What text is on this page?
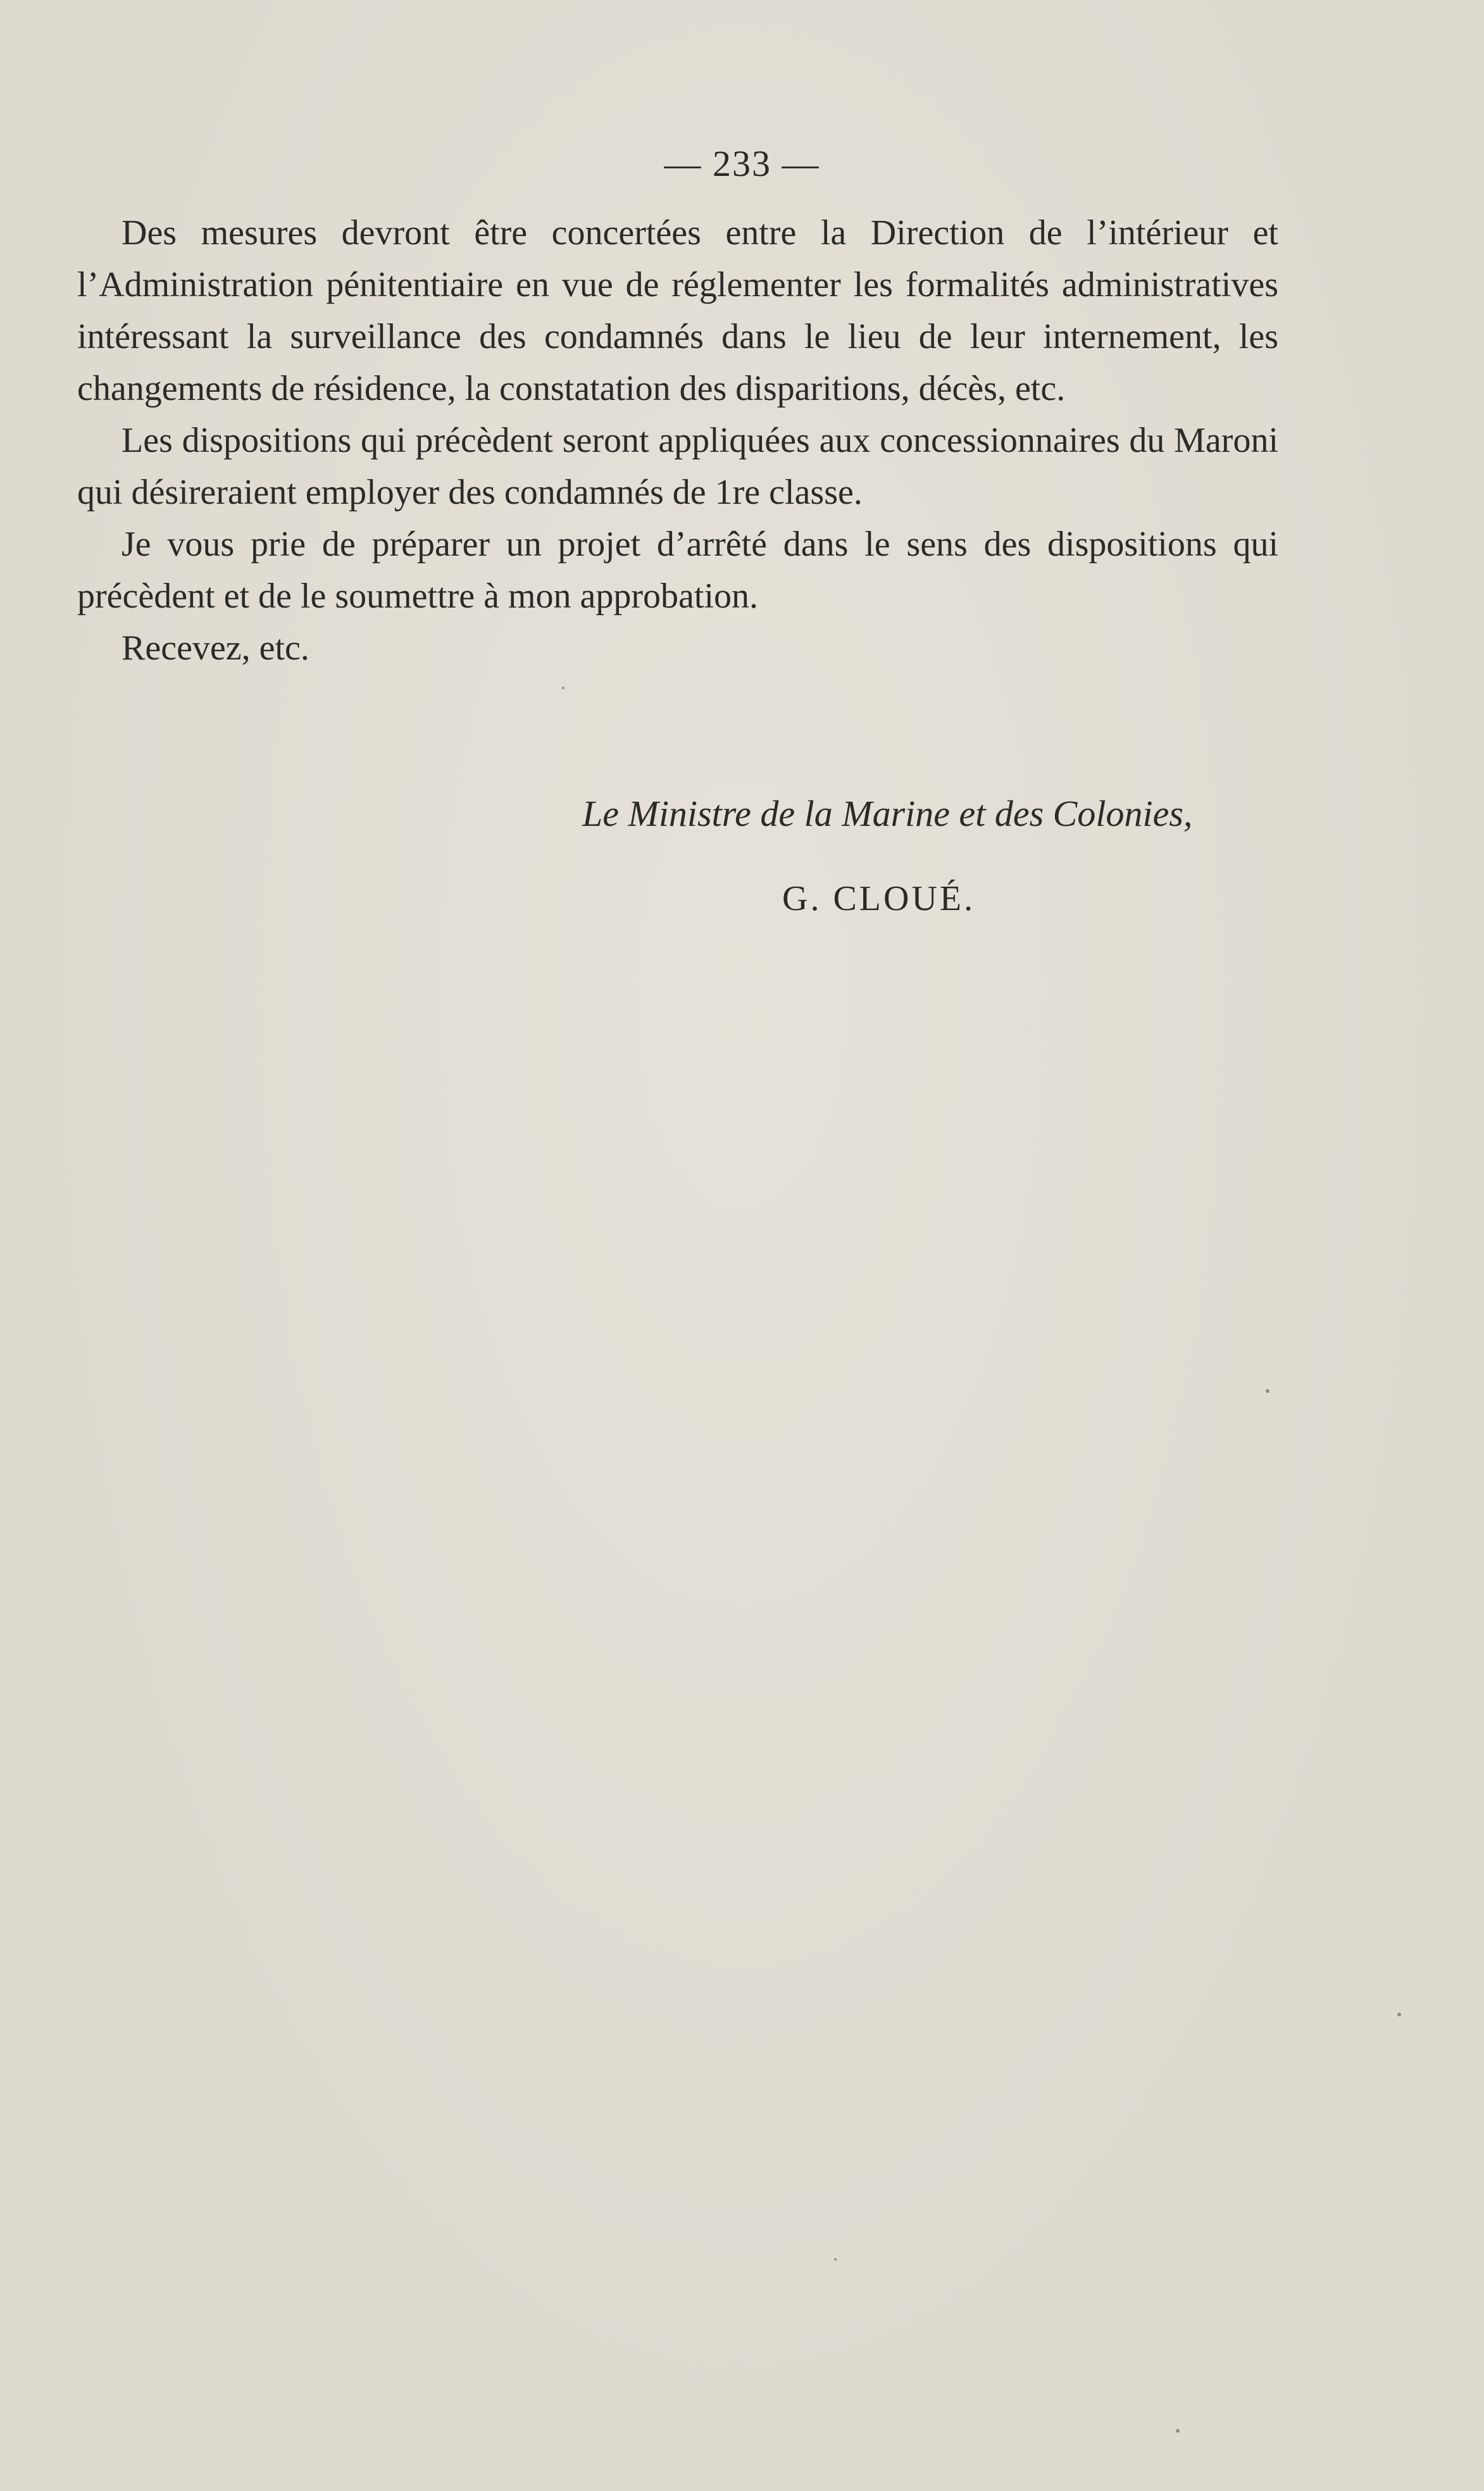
— 233 —

Des mesures devront être concertées entre la Direction de l’intérieur et l’Administration pénitentiaire en vue de réglementer les formalités administratives intéressant la surveillance des condamnés dans le lieu de leur internement, les changements de résidence, la constatation des disparitions, décès, etc.

Les dispositions qui précèdent seront appliquées aux concessionnaires du Maroni qui désireraient employer des condamnés de 1re classe.

Je vous prie de préparer un projet d’arrêté dans le sens des dispositions qui précèdent et de le soumettre à mon approbation.

Recevez, etc.

Le Ministre de la Marine et des Colonies,
G. CLOUÉ.
